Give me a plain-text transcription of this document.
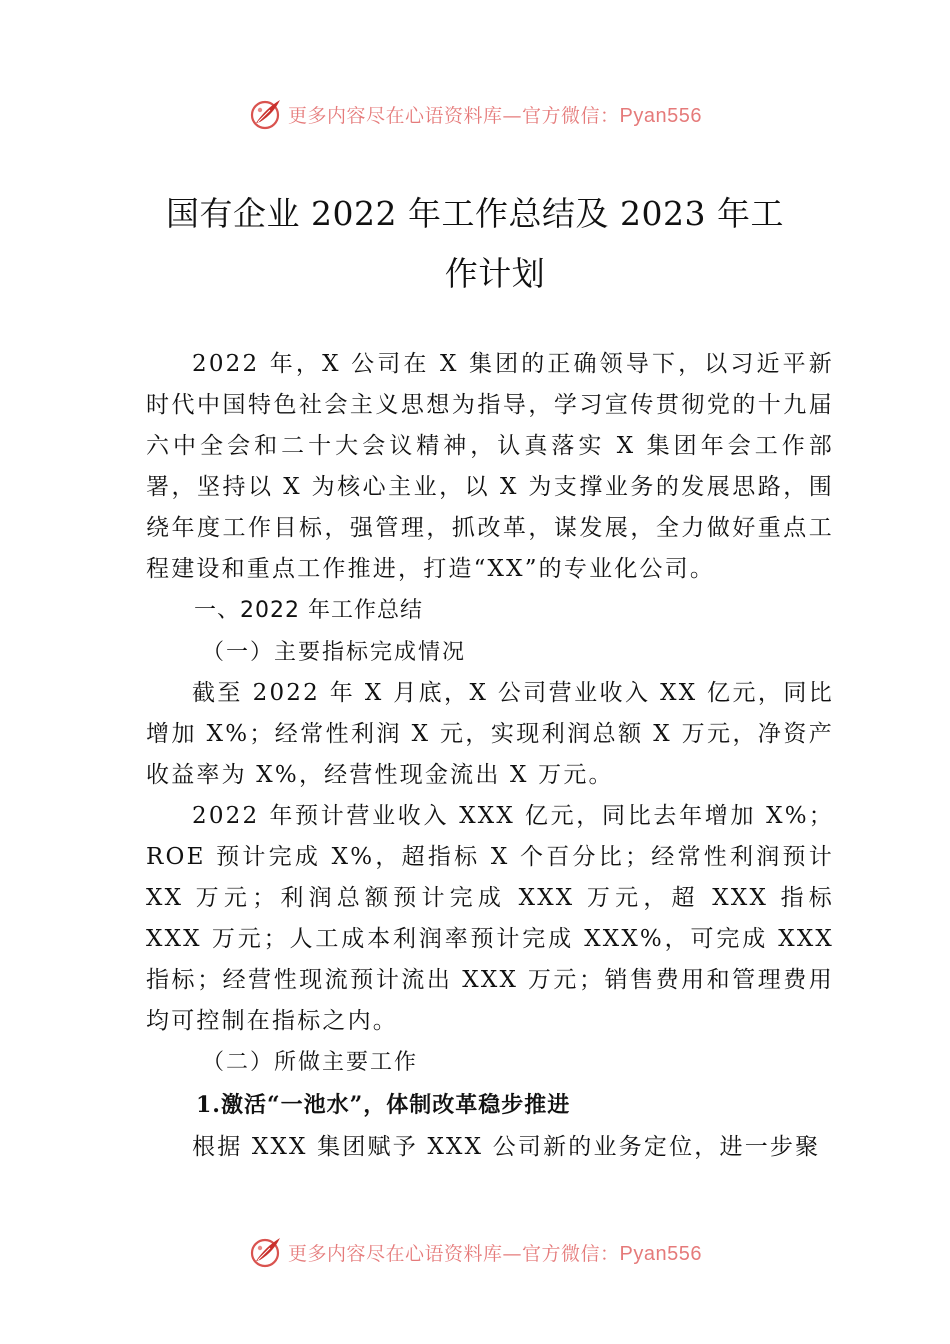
更多内容尽在心语资料库—官方微信：Pyan556
国有企业 2022 年工作总结及 2023 年工
作计划

2022 年，X 公司在 X 集团的正确领导下，以习近平新时代中国特色社会主义思想为指导，学习宣传贯彻党的十九届六中全会和二十大会议精神，认真落实 X 集团年会工作部署，坚持以 X 为核心主业，以 X 为支撑业务的发展思路，围绕年度工作目标，强管理，抓改革，谋发展，全力做好重点工程建设和重点工作推进，打造“XX”的专业化公司。

一、2022 年工作总结
（一）主要指标完成情况

截至 2022 年 X 月底，X 公司营业收入 XX 亿元，同比增加 X%；经常性利润 X 元，实现利润总额 X 万元，净资产收益率为 X%，经营性现金流出 X 万元。

2022 年预计营业收入 XXX 亿元，同比去年增加 X%；ROE 预计完成 X%，超指标 X 个百分比；经常性利润预计 XX 万元；利润总额预计完成 XXX 万元，超 XXX 指标 XXX 万元；人工成本利润率预计完成 XXX%，可完成 XXX 指标；经营性现流预计流出 XXX 万元；销售费用和管理费用均可控制在指标之内。

（二）所做主要工作
1.激活“一池水”，体制改革稳步推进

根据 XXX 集团赋予 XXX 公司新的业务定位，进一步聚

更多内容尽在心语资料库—官方微信：Pyan556
